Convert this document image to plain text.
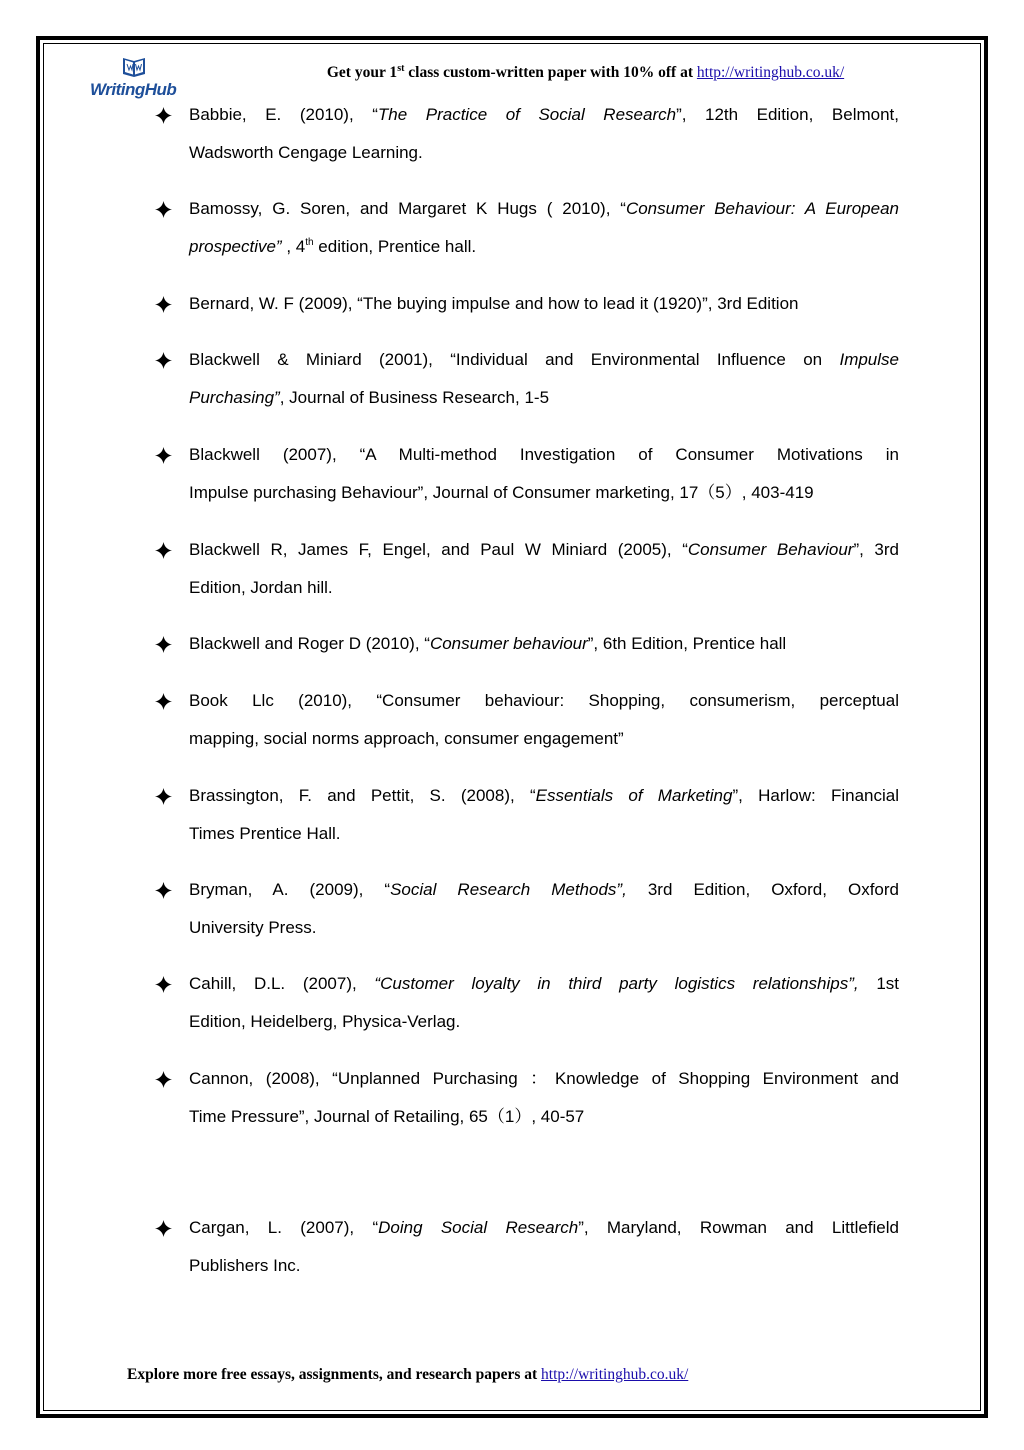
WritingHub
Get your 1st class custom-written paper with 10% off at http://writinghub.co.uk/
Babbie, E. (2010), “The Practice of Social Research”, 12th Edition, Belmont,
Wadsworth Cengage Learning.
Bamossy, G. Soren, and Margaret K Hugs ( 2010), “Consumer Behaviour: A European
prospective” , 4th edition, Prentice hall.
Bernard, W. F (2009), “The buying impulse and how to lead it (1920)”, 3rd Edition
Blackwell & Miniard (2001), “Individual and Environmental Influence on Impulse
Purchasing”, Journal of Business Research, 1-5
Blackwell (2007), “A Multi-method Investigation of Consumer Motivations in
Impulse purchasing Behaviour”, Journal of Consumer marketing, 17（5）, 403-419
Blackwell R, James F, Engel, and Paul W Miniard (2005), “Consumer Behaviour”, 3rd
Edition, Jordan hill.
Blackwell and Roger D (2010), “Consumer behaviour”, 6th Edition, Prentice hall
Book Llc (2010), “Consumer behaviour: Shopping, consumerism, perceptual
mapping, social norms approach, consumer engagement”
Brassington, F. and Pettit, S. (2008), “Essentials of Marketing”, Harlow: Financial
Times Prentice Hall.
Bryman, A. (2009), “Social Research Methods”, 3rd Edition, Oxford, Oxford
University Press.
Cahill, D.L. (2007), “Customer loyalty in third party logistics relationships”, 1st
Edition, Heidelberg, Physica-Verlag.
Cannon, (2008), “Unplanned Purchasing ：Knowledge of Shopping Environment and
Time Pressure”, Journal of Retailing, 65（1）, 40-57
Cargan, L. (2007), “Doing Social Research”, Maryland, Rowman and Littlefield
Publishers Inc.
Explore more free essays, assignments, and research papers at http://writinghub.co.uk/
